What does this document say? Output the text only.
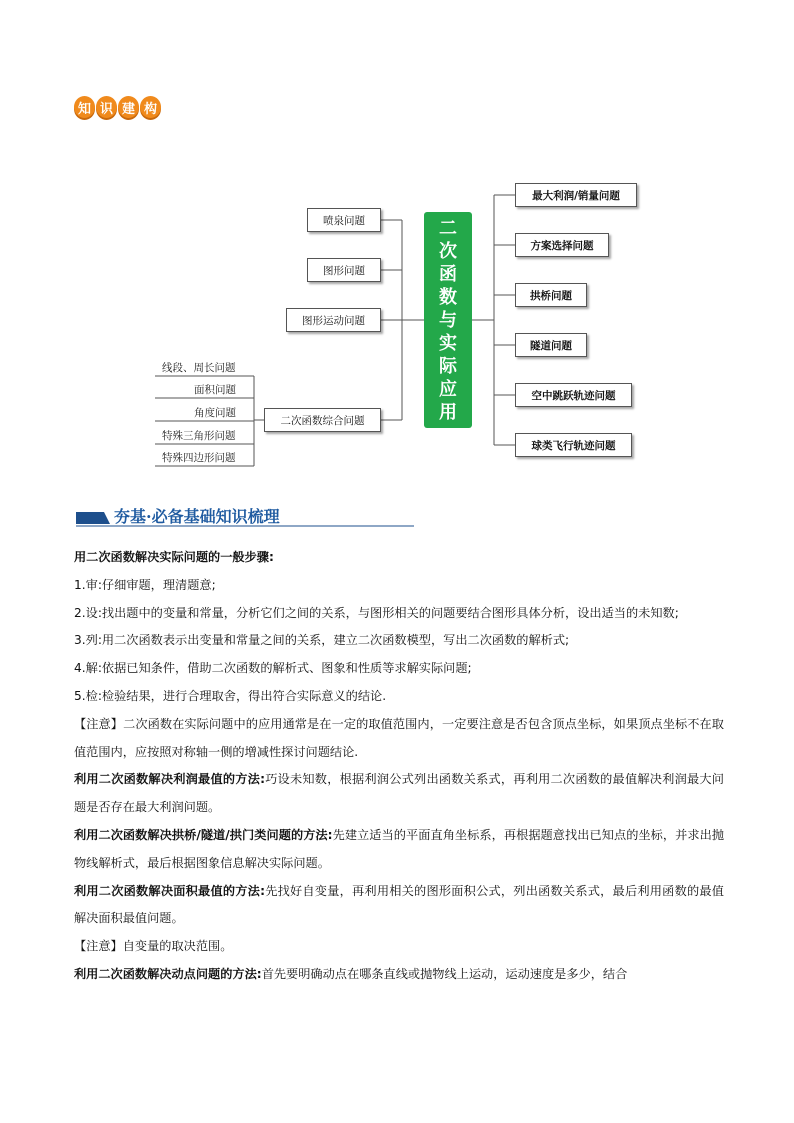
知 识 建 构
喷泉问题
图形问题
图形运动问题
二次函数综合问题
二
次
函
数
与
实
际
应
用
最大利润/销量问题
方案选择问题
拱桥问题
隧道问题
空中跳跃轨迹问题
球类飞行轨迹问题
线段、周长问题
面积问题
角度问题
特殊三角形问题
特殊四边形问题
夯基·必备基础知识梳理

用二次函数解决实际问题的一般步骤:

1.审:仔细审题，理清题意;

2.设:找出题中的变量和常量，分析它们之间的关系，与图形相关的问题要结合图形具体分析，设出适当的未知数;

3.列:用二次函数表示出变量和常量之间的关系，建立二次函数模型，写出二次函数的解析式;

4.解:依据已知条件，借助二次函数的解析式、图象和性质等求解实际问题;

5.检:检验结果，进行合理取舍，得出符合实际意义的结论.

【注意】二次函数在实际问题中的应用通常是在一定的取值范围内，一定要注意是否包含顶点坐标，如果顶点坐标不在取值范围内，应按照对称轴一侧的增减性探讨问题结论.

利用二次函数解决利润最值的方法:巧设未知数，根据利润公式列出函数关系式，再利用二次函数的最值解决利润最大问题是否存在最大利润问题。

利用二次函数解决拱桥/隧道/拱门类问题的方法:先建立适当的平面直角坐标系，再根据题意找出已知点的坐标，并求出抛物线解析式，最后根据图象信息解决实际问题。

利用二次函数解决面积最值的方法:先找好自变量，再利用相关的图形面积公式，列出函数关系式，最后利用函数的最值解决面积最值问题。

【注意】自变量的取决范围。

利用二次函数解决动点问题的方法:首先要明确动点在哪条直线或抛物线上运动，运动速度是多少，结合
